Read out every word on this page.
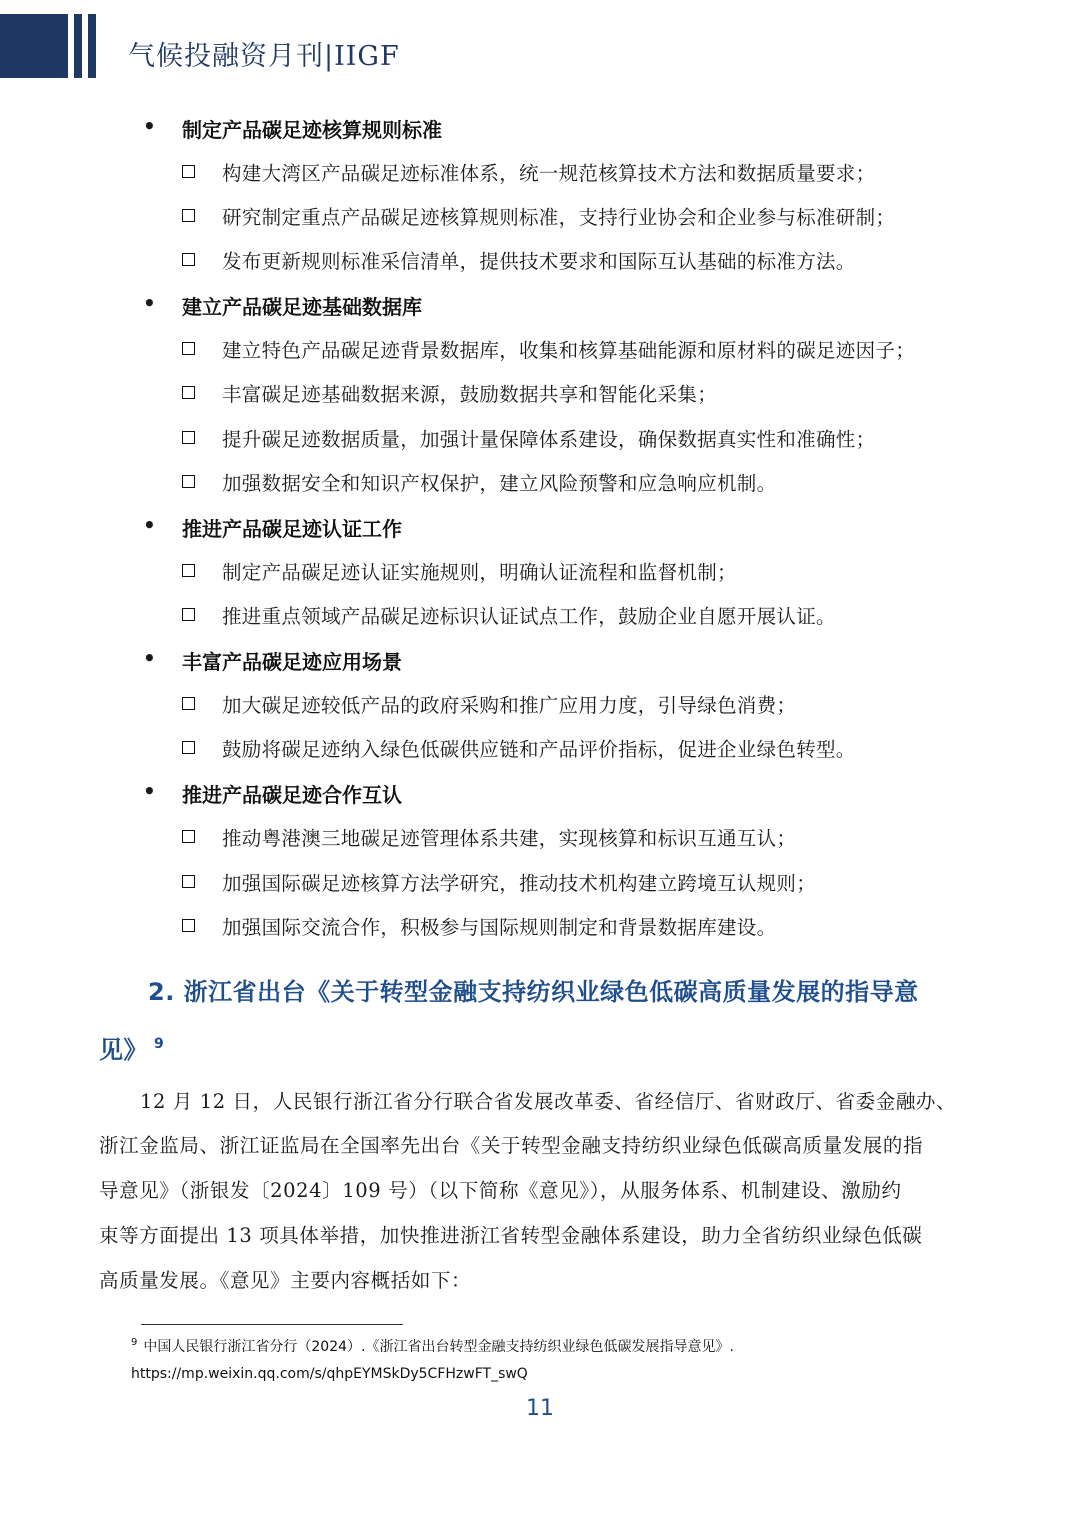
气候投融资月刊|IIGF
• 制定产品碳足迹核算规则标准
构建大湾区产品碳足迹标准体系，统一规范核算技术方法和数据质量要求；
研究制定重点产品碳足迹核算规则标准，支持行业协会和企业参与标准研制；
发布更新规则标准采信清单，提供技术要求和国际互认基础的标准方法。
• 建立产品碳足迹基础数据库
建立特色产品碳足迹背景数据库，收集和核算基础能源和原材料的碳足迹因子；
丰富碳足迹基础数据来源，鼓励数据共享和智能化采集；
提升碳足迹数据质量，加强计量保障体系建设，确保数据真实性和准确性；
加强数据安全和知识产权保护，建立风险预警和应急响应机制。
• 推进产品碳足迹认证工作
制定产品碳足迹认证实施规则，明确认证流程和监督机制；
推进重点领域产品碳足迹标识认证试点工作，鼓励企业自愿开展认证。
• 丰富产品碳足迹应用场景
加大碳足迹较低产品的政府采购和推广应用力度，引导绿色消费；
鼓励将碳足迹纳入绿色低碳供应链和产品评价指标，促进企业绿色转型。
• 推进产品碳足迹合作互认
推动粤港澳三地碳足迹管理体系共建，实现核算和标识互通互认；
加强国际碳足迹核算方法学研究，推动技术机构建立跨境互认规则；
加强国际交流合作，积极参与国际规则制定和背景数据库建设。
2. 浙江省出台《关于转型金融支持纺织业绿色低碳高质量发展的指导意
见》 $^9$
12 月 12 日，人民银行浙江省分行联合省发展改革委、省经信厅、省财政厅、省委金融办、
浙江金监局、浙江证监局在全国率先出台《关于转型金融支持纺织业绿色低碳高质量发展的指
导意见》（浙银发〔2024〕109 号）（以下简称《意见》），从服务体系、机制建设、激励约
束等方面提出 13 项具体举措，加快推进浙江省转型金融体系建设，助力全省纺织业绿色低碳
高质量发展。《意见》主要内容概括如下：
$^9$ 中国人民银行浙江省分行（2024）.《浙江省出台转型金融支持纺织业绿色低碳发展指导意见》.
https://mp.weixin.qq.com/s/qhpEYMSkDy5CFHzwFT_swQ
11
